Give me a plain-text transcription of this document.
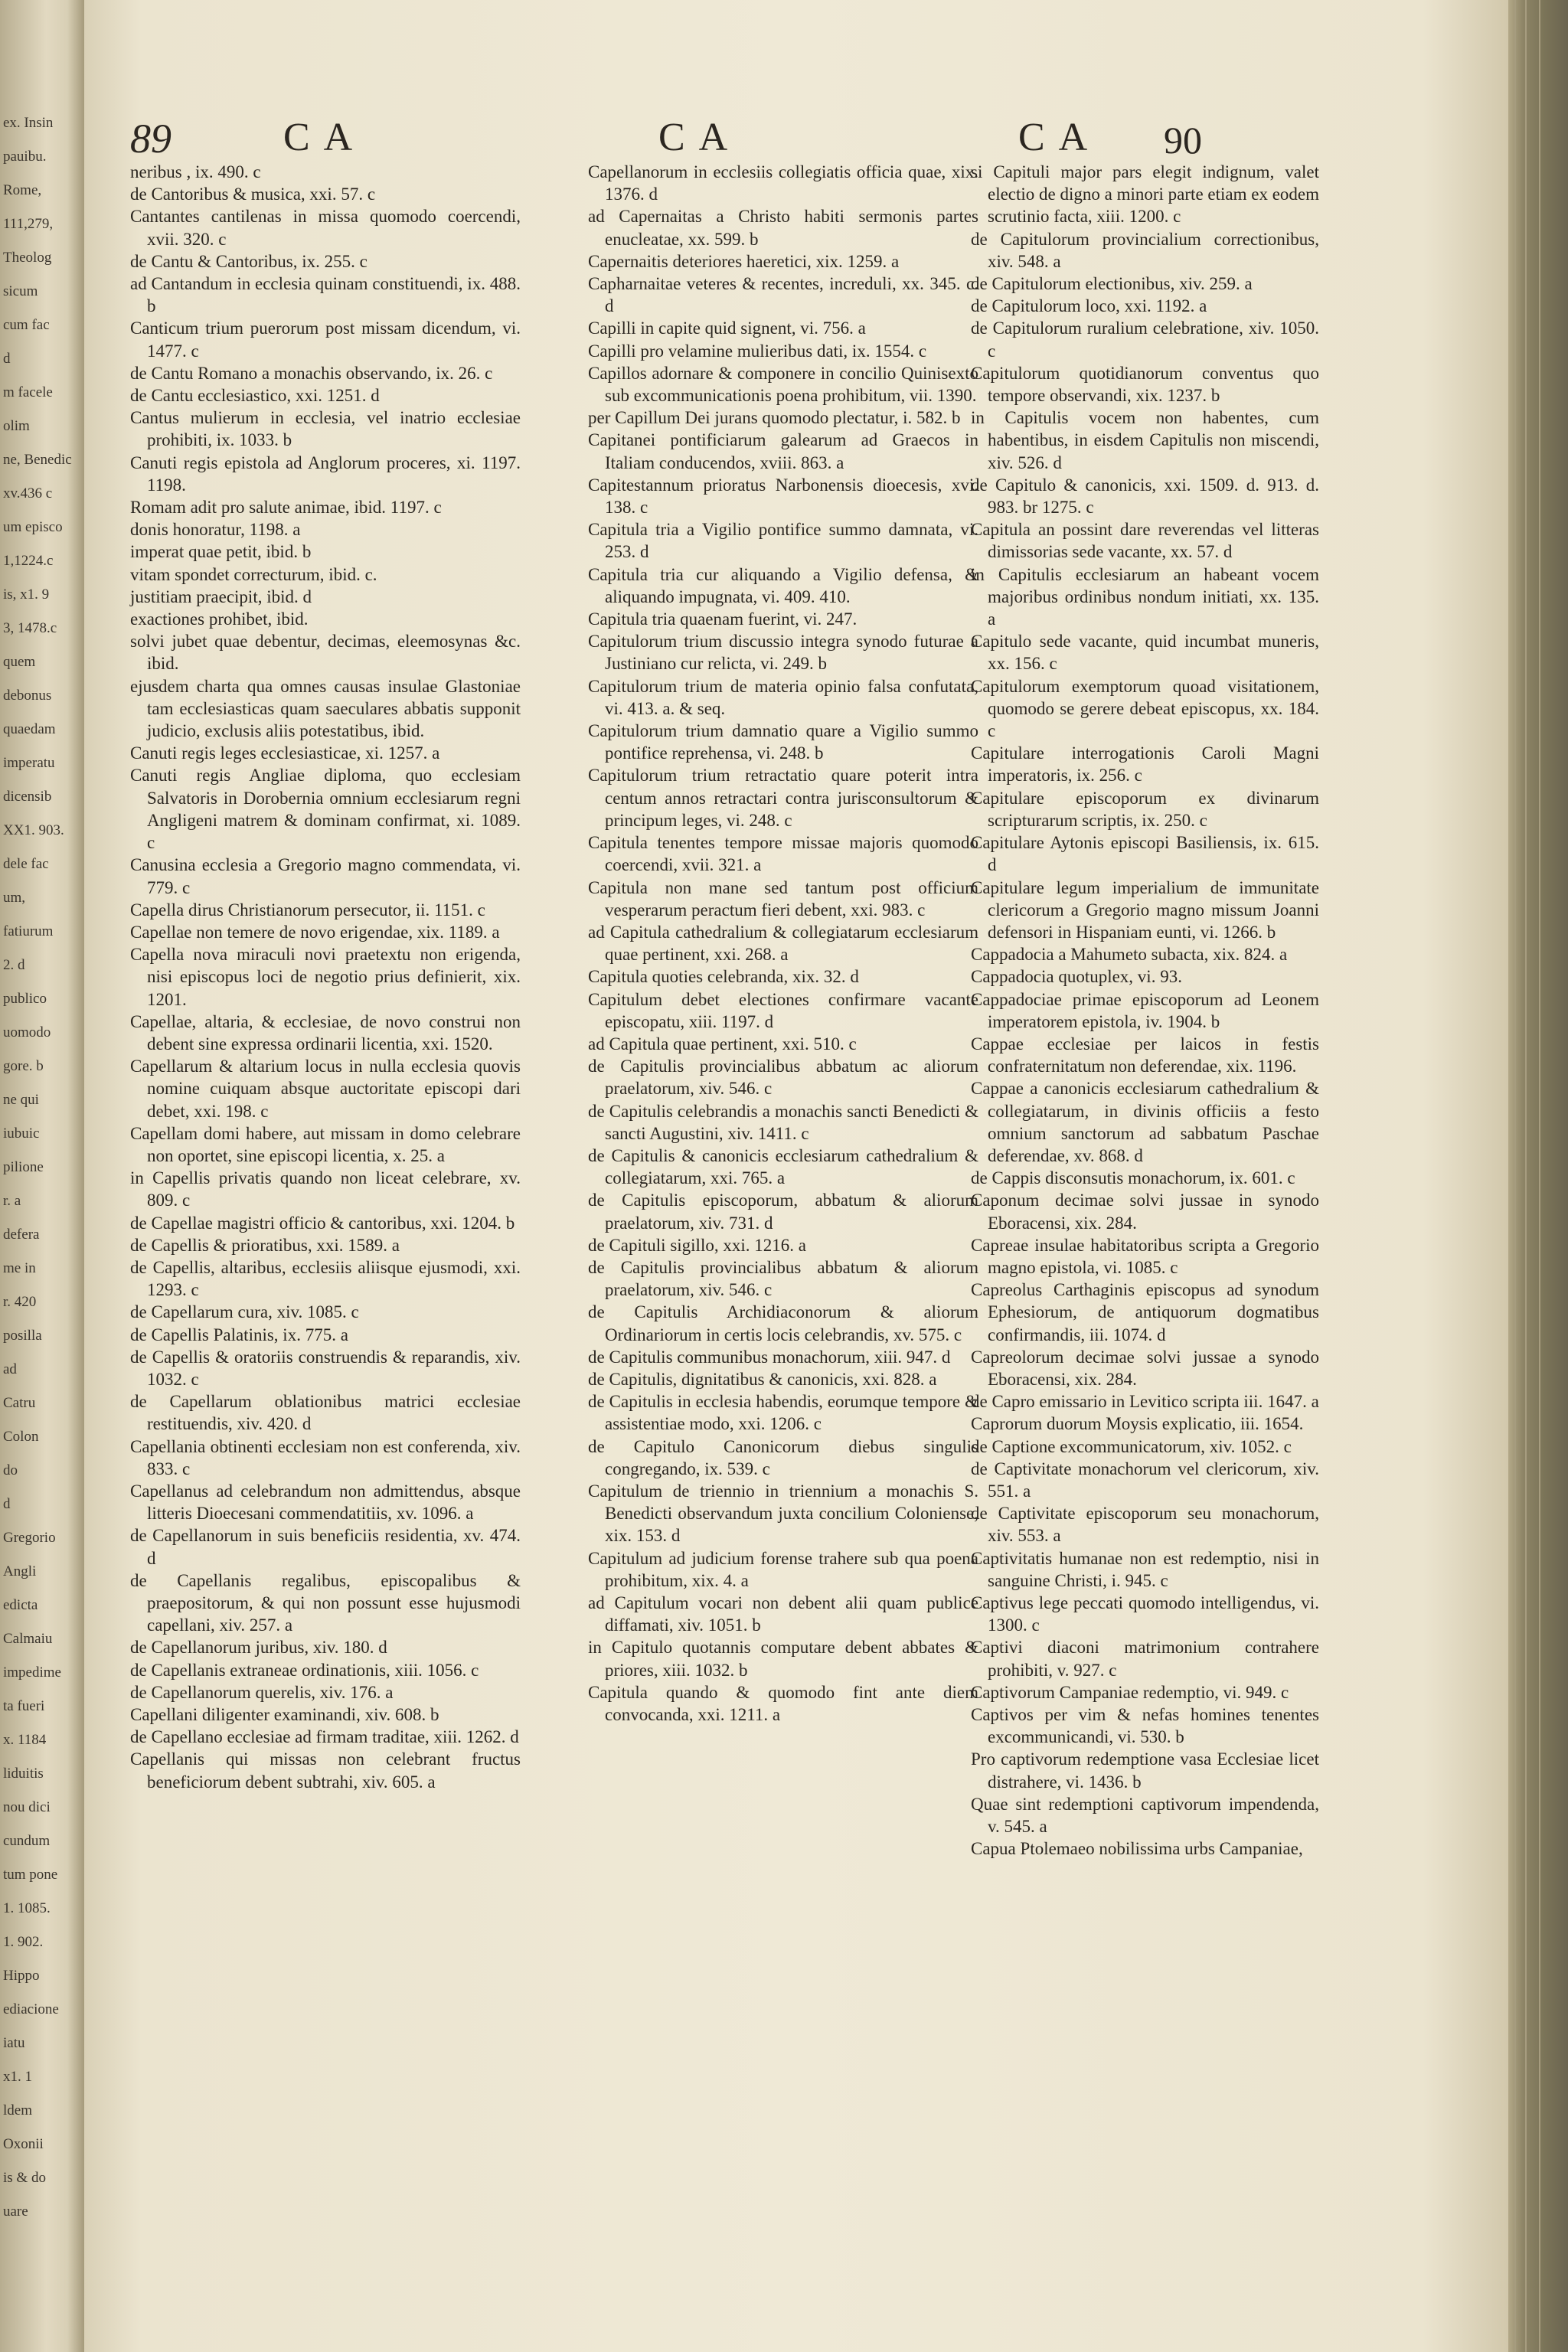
ex. Insin
pauibu.
Rome,
111,279,
Theolog
sicum
cum fac
d
m facele
olim
ne, Benedic
xv.436 c
um episco
1,1224.c
is, x1. 9
3, 1478.c
quem
debonus
quaedam
imperatu
dicensib
XX1. 903.
dele fac
um,
fatiurum
2. d
publico
uomodo
gore. b
ne qui
iubuic
pilione
r. a
defera
me in
r. 420
posilla
ad
Catru
Colon
do
d
Gregorio
Angli
edicta
Calmaiu
impedime
ta fueri
x. 1184
liduitis
nou dici
cundum
tum pone
1. 1085.
1. 902.
Hippo
ediacione
iatu
x1. 1
ldem
Oxonii
is & do
uare
89	CA	CA	CA 90

neribus , ix. 490. c

de Cantoribus & musica, xxi. 57. c

Cantantes cantilenas in missa quomodo coercendi, xvii. 320. c

de Cantu & Cantoribus, ix. 255. c

ad Cantandum in ecclesia quinam constituendi, ix. 488. b

Canticum trium puerorum post missam dicendum, vi. 1477. c

de Cantu Romano a monachis observando, ix. 26. c

de Cantu ecclesiastico, xxi. 1251. d

Cantus mulierum in ecclesia, vel inatrio ecclesiae prohibiti, ix. 1033. b

Canuti regis epistola ad Anglorum proceres, xi. 1197. 1198.

Romam adit pro salute animae, ibid. 1197. c

donis honoratur, 1198. a

imperat quae petit, ibid. b

vitam spondet correcturum, ibid. c.

justitiam praecipit, ibid. d

exactiones prohibet, ibid.

solvi jubet quae debentur, decimas, eleemosynas &c. ibid.

ejusdem charta qua omnes causas insulae Glastoniae tam ecclesiasticas quam saeculares abbatis supponit judicio, exclusis aliis potestatibus, ibid.

Canuti regis leges ecclesiasticae, xi. 1257. a

Canuti regis Angliae diploma, quo ecclesiam Salvatoris in Dorobernia omnium ecclesiarum regni Angligeni matrem & dominam confirmat, xi. 1089. c

Canusina ecclesia a Gregorio magno commendata, vi. 779. c

Capella dirus Christianorum persecutor, ii. 1151. c

Capellae non temere de novo erigendae, xix. 1189. a

Capella nova miraculi novi praetextu non erigenda, nisi episcopus loci de negotio prius definierit, xix. 1201.

Capellae, altaria, & ecclesiae, de novo construi non debent sine expressa ordinarii licentia, xxi. 1520.

Capellarum & altarium locus in nulla ecclesia quovis nomine cuiquam absque auctoritate episcopi dari debet, xxi. 198. c

Capellam domi habere, aut missam in domo celebrare non oportet, sine episcopi licentia, x. 25. a

in Capellis privatis quando non liceat celebrare, xv. 809. c

de Capellae magistri officio & cantoribus, xxi. 1204. b

de Capellis & prioratibus, xxi. 1589. a

de Capellis, altaribus, ecclesiis aliisque ejusmodi, xxi. 1293. c

de Capellarum cura, xiv. 1085. c

de Capellis Palatinis, ix. 775. a

de Capellis & oratoriis construendis & reparandis, xiv. 1032. c

de Capellarum oblationibus matrici ecclesiae restituendis, xiv. 420. d

Capellania obtinenti ecclesiam non est conferenda, xiv. 833. c

Capellanus ad celebrandum non admittendus, absque litteris Dioecesani commendatitiis, xv. 1096. a

de Capellanorum in suis beneficiis residentia, xv. 474. d

de Capellanis regalibus, episcopalibus & praepositorum, & qui non possunt esse hujusmodi capellani, xiv. 257. a

de Capellanorum juribus, xiv. 180. d

de Capellanis extraneae ordinationis, xiii. 1056. c

de Capellanorum querelis, xiv. 176. a

Capellani diligenter examinandi, xiv. 608. b

de Capellano ecclesiae ad firmam traditae, xiii. 1262. d

Capellanis qui missas non celebrant fructus beneficiorum debent subtrahi, xiv. 605. a

Capellanorum in ecclesiis collegiatis officia quae, xix. 1376. d

ad Capernaitas a Christo habiti sermonis partes enucleatae, xx. 599. b

Capernaitis deteriores haeretici, xix. 1259. a

Capharnaitae veteres & recentes, increduli, xx. 345. c. d

Capilli in capite quid signent, vi. 756. a

Capilli pro velamine mulieribus dati, ix. 1554. c

Capillos adornare & componere in concilio Quinisexto sub excommunicationis poena prohibitum, vii. 1390.

per Capillum Dei jurans quomodo plectatur, i. 582. b

Capitanei pontificiarum galearum ad Graecos in Italiam conducendos, xviii. 863. a

Capitestannum prioratus Narbonensis dioecesis, xvi. 138. c

Capitula tria a Vigilio pontifice summo damnata, vi. 253. d

Capitula tria cur aliquando a Vigilio defensa, & aliquando impugnata, vi. 409. 410.

Capitula tria quaenam fuerint, vi. 247.

Capitulorum trium discussio integra synodo futurae a Justiniano cur relicta, vi. 249. b

Capitulorum trium de materia opinio falsa confutata, vi. 413. a. & seq.

Capitulorum trium damnatio quare a Vigilio summo pontifice reprehensa, vi. 248. b

Capitulorum trium retractatio quare poterit intra centum annos retractari contra jurisconsultorum & principum leges, vi. 248. c

Capitula tenentes tempore missae majoris quomodo coercendi, xvii. 321. a

Capitula non mane sed tantum post officium vesperarum peractum fieri debent, xxi. 983. c

ad Capitula cathedralium & collegiatarum ecclesiarum quae pertinent, xxi. 268. a

Capitula quoties celebranda, xix. 32. d

Capitulum debet electiones confirmare vacante episcopatu, xiii. 1197. d

ad Capitula quae pertinent, xxi. 510. c

de Capitulis provincialibus abbatum ac aliorum praelatorum, xiv. 546. c

de Capitulis celebrandis a monachis sancti Benedicti & sancti Augustini, xiv. 1411. c

de Capitulis & canonicis ecclesiarum cathedralium & collegiatarum, xxi. 765. a

de Capitulis episcoporum, abbatum & aliorum praelatorum, xiv. 731. d

de Capituli sigillo, xxi. 1216. a

de Capitulis provincialibus abbatum & aliorum praelatorum, xiv. 546. c

de Capitulis Archidiaconorum & aliorum Ordinariorum in certis locis celebrandis, xv. 575. c

de Capitulis communibus monachorum, xiii. 947. d

de Capitulis, dignitatibus & canonicis, xxi. 828. a

de Capitulis in ecclesia habendis, eorumque tempore & assistentiae modo, xxi. 1206. c

de Capitulo Canonicorum diebus singulis congregando, ix. 539. c

Capitulum de triennio in triennium a monachis S. Benedicti observandum juxta concilium Coloniense, xix. 153. d

Capitulum ad judicium forense trahere sub qua poena prohibitum, xix. 4. a

ad Capitulum vocari non debent alii quam publice diffamati, xiv. 1051. b

in Capitulo quotannis computare debent abbates & priores, xiii. 1032. b

Capitula quando & quomodo fint ante diem convocanda, xxi. 1211. a

si Capituli major pars elegit indignum, valet electio de digno a minori parte etiam ex eodem scrutinio facta, xiii. 1200. c

de Capitulorum provincialium correctionibus, xiv. 548. a

de Capitulorum electionibus, xiv. 259. a

de Capitulorum loco, xxi. 1192. a

de Capitulorum ruralium celebratione, xiv. 1050. c

Capitulorum quotidianorum conventus quo tempore observandi, xix. 1237. b

in Capitulis vocem non habentes, cum habentibus, in eisdem Capitulis non miscendi, xiv. 526. d

de Capitulo & canonicis, xxi. 1509. d. 913. d. 983. br 1275. c

Capitula an possint dare reverendas vel litteras dimissorias sede vacante, xx. 57. d

in Capitulis ecclesiarum an habeant vocem majoribus ordinibus nondum initiati, xx. 135. a

Capitulo sede vacante, quid incumbat muneris, xx. 156. c

Capitulorum exemptorum quoad visitationem, quomodo se gerere debeat episcopus, xx. 184. c

Capitulare interrogationis Caroli Magni imperatoris, ix. 256. c

Capitulare episcoporum ex divinarum scripturarum scriptis, ix. 250. c

Capitulare Aytonis episcopi Basiliensis, ix. 615. d

Capitulare legum imperialium de immunitate clericorum a Gregorio magno missum Joanni defensori in Hispaniam eunti, vi. 1266. b

Cappadocia a Mahumeto subacta, xix. 824. a

Cappadocia quotuplex, vi. 93.

Cappadociae primae episcoporum ad Leonem imperatorem epistola, iv. 1904. b

Cappae ecclesiae per laicos in festis confraternitatum non deferendae, xix. 1196.

Cappae a canonicis ecclesiarum cathedralium & collegiatarum, in divinis officiis a festo omnium sanctorum ad sabbatum Paschae deferendae, xv. 868. d

de Cappis disconsutis monachorum, ix. 601. c

Caponum decimae solvi jussae in synodo Eboracensi, xix. 284.

Capreae insulae habitatoribus scripta a Gregorio magno epistola, vi. 1085. c

Capreolus Carthaginis episcopus ad synodum Ephesiorum, de antiquorum dogmatibus confirmandis, iii. 1074. d

Capreolorum decimae solvi jussae a synodo Eboracensi, xix. 284.

de Capro emissario in Levitico scripta iii. 1647. a

Caprorum duorum Moysis explicatio, iii. 1654.

de Captione excommunicatorum, xiv. 1052. c

de Captivitate monachorum vel clericorum, xiv. 551. a

de Captivitate episcoporum seu monachorum, xiv. 553. a

Captivitatis humanae non est redemptio, nisi in sanguine Christi, i. 945. c

Captivus lege peccati quomodo intelligendus, vi. 1300. c

Captivi diaconi matrimonium contrahere prohibiti, v. 927. c

Captivorum Campaniae redemptio, vi. 949. c

Captivos per vim & nefas homines tenentes excommunicandi, vi. 530. b

Pro captivorum redemptione vasa Ecclesiae licet distrahere, vi. 1436. b

Quae sint redemptioni captivorum impendenda, v. 545. a

Capua Ptolemaeo nobilissima urbs Campaniae,
